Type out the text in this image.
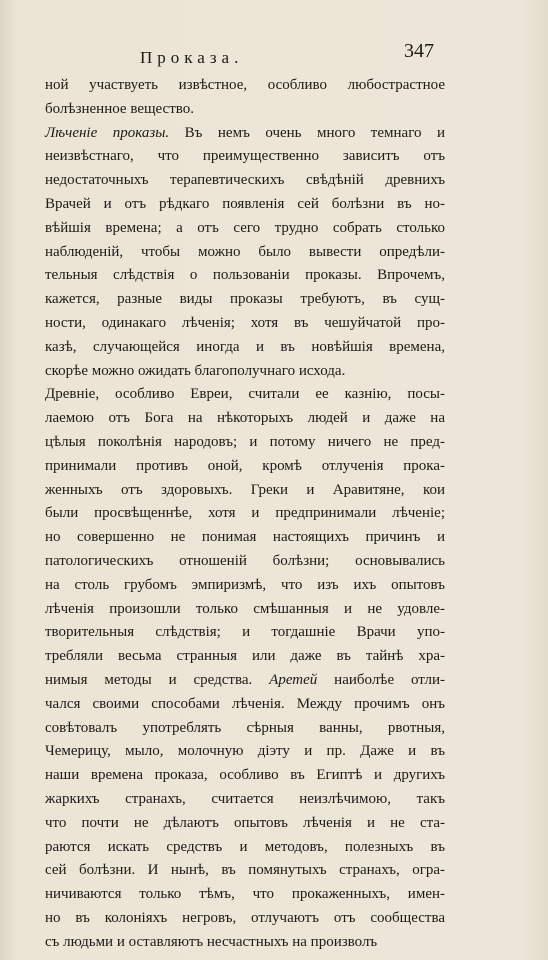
Проказа.	347
ной участвуеть извѣстное, особливо любострастное
болѣзненное вещество.
Лѣченіе проказы. Въ немъ очень много темнаго и
неизвѣстнаго, что преимущественно зависитъ отъ
недостаточныхъ терапевтическихъ свѣдѣній древнихъ
Врачей и отъ рѣдкаго появленія сей болѣзни въ но-
вѣйшія времена; а отъ сего трудно собрать столько
наблюденій, чтобы можно было вывести опредѣли-
тельныя слѣдствія о пользованіи проказы. Впрочемъ,
кажется, разные виды проказы требуютъ, въ сущ-
ности, одинакаго лѣченія; хотя въ чешуйчатой про-
казѣ, случающейся иногда и въ новѣйшія времена,
скорѣе можно ожидать благополучнаго исхода.
Древніе, особливо Евреи, считали ее казнію, посы-
лаемою отъ Бога на нѣкоторыхъ людей и даже на
цѣлыя поколѣнія народовъ; и потому ничего не пред-
принимали противъ оной, кромѣ отлученія прока-
женныхъ отъ здоровыхъ. Греки и Аравитяне, кои
были просвѣщеннѣе, хотя и предпринимали лѣченіе;
но совершенно не понимая настоящихъ причинъ и
патологическихъ отношеній болѣзни; основывались
на столь грубомъ эмпиризмѣ, что изъ ихъ опытовъ
лѣченія произошли только смѣшанныя и не удовле-
творительныя слѣдствія; и тогдашніе Врачи упо-
требляли весьма странныя или даже въ тайнѣ хра-
нимыя методы и средства. Аретей наиболѣе отли-
чался своими способами лѣченія. Между прочимъ онъ
совѣтовалъ употреблять сѣрныя ванны, рвотныя,
Чемерицу, мыло, молочную діэту и пр. Даже и въ
наши времена проказа, особливо въ Египтѣ и другихъ
жаркихъ странахъ, считается неизлѣчимою, такъ
что почти не дѣлаютъ опытовъ лѣченія и не ста-
раются искать средствъ и методовъ, полезныхъ въ
сей болѣзни. И нынѣ, въ помянутыхъ странахъ, огра-
ничиваются только тѣмъ, что прокаженныхъ, имен-
но въ колоніяхъ негровъ, отлучаютъ отъ сообщества
съ людьми и оставляютъ несчастныхъ на произволъ
